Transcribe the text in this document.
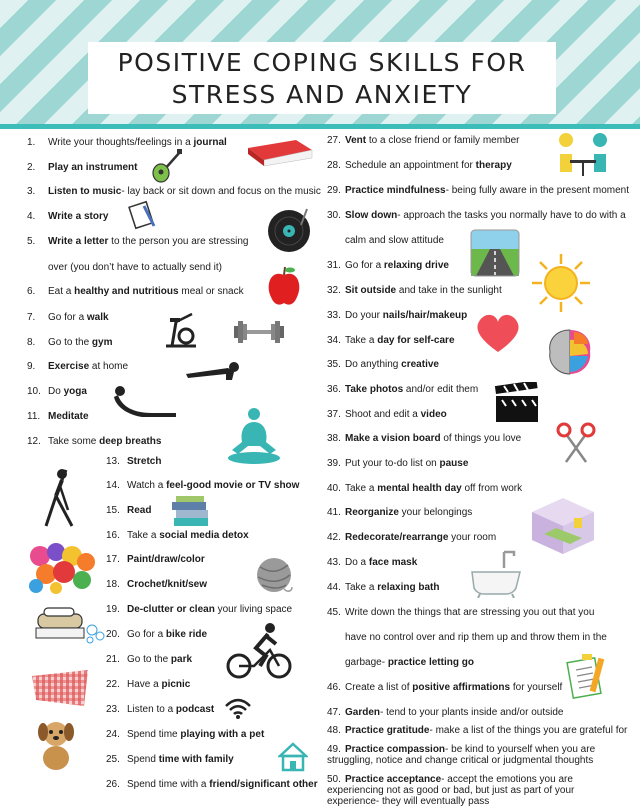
POSITIVE COPING SKILLS FOR
STRESS AND ANXIETY
1. Write your thoughts/feelings in a journal
2. Play an instrument
3. Listen to music- lay back or sit down and focus on the music
4. Write a story
5. Write a letter to the person you are stressing
over (you don’t have to actually send it)
6. Eat a healthy and nutritious meal or snack
7. Go for a walk
8. Go to the gym
9. Exercise at home
10. Do yoga
11. Meditate
12. Take some deep breaths
13. Stretch
14. Watch a feel-good movie or TV show
15. Read
16. Take a social media detox
17. Paint/draw/color
18. Crochet/knit/sew
19. De-clutter or clean your living space
20. Go for a bike ride
21. Go to the park
22. Have a picnic
23. Listen to a podcast
24. Spend time playing with a pet
25. Spend time with family
26. Spend time with a friend/significant other
27. Vent to a close friend or family member
28. Schedule an appointment for therapy
29. Practice mindfulness- being fully aware in the present moment
30. Slow down- approach the tasks you normally have to do with a
calm and slow attitude
31. Go for a relaxing drive
32. Sit outside and take in the sunlight
33. Do your nails/hair/makeup
34. Take a day for self-care
35. Do anything creative
36. Take photos and/or edit them
37. Shoot and edit a video
38. Make a vision board of things you love
39. Put your to-do list on pause
40. Take a mental health day off from work
41. Reorganize your belongings
42. Redecorate/rearrange your room
43. Do a face mask
44. Take a relaxing bath
45. Write down the things that are stressing you out that you
have no control over and rip them up and throw them in the
garbage- practice letting go
46. Create a list of positive affirmations for yourself
47. Garden- tend to your plants inside and/or outside
48. Practice gratitude- make a list of the things you are grateful for
49. Practice compassion- be kind to yourself when you are struggling, notice and change critical or judgmental thoughts
50. Practice acceptance- accept the emotions you are experiencing not as good or bad, but just as part of your experience- they will eventually pass
